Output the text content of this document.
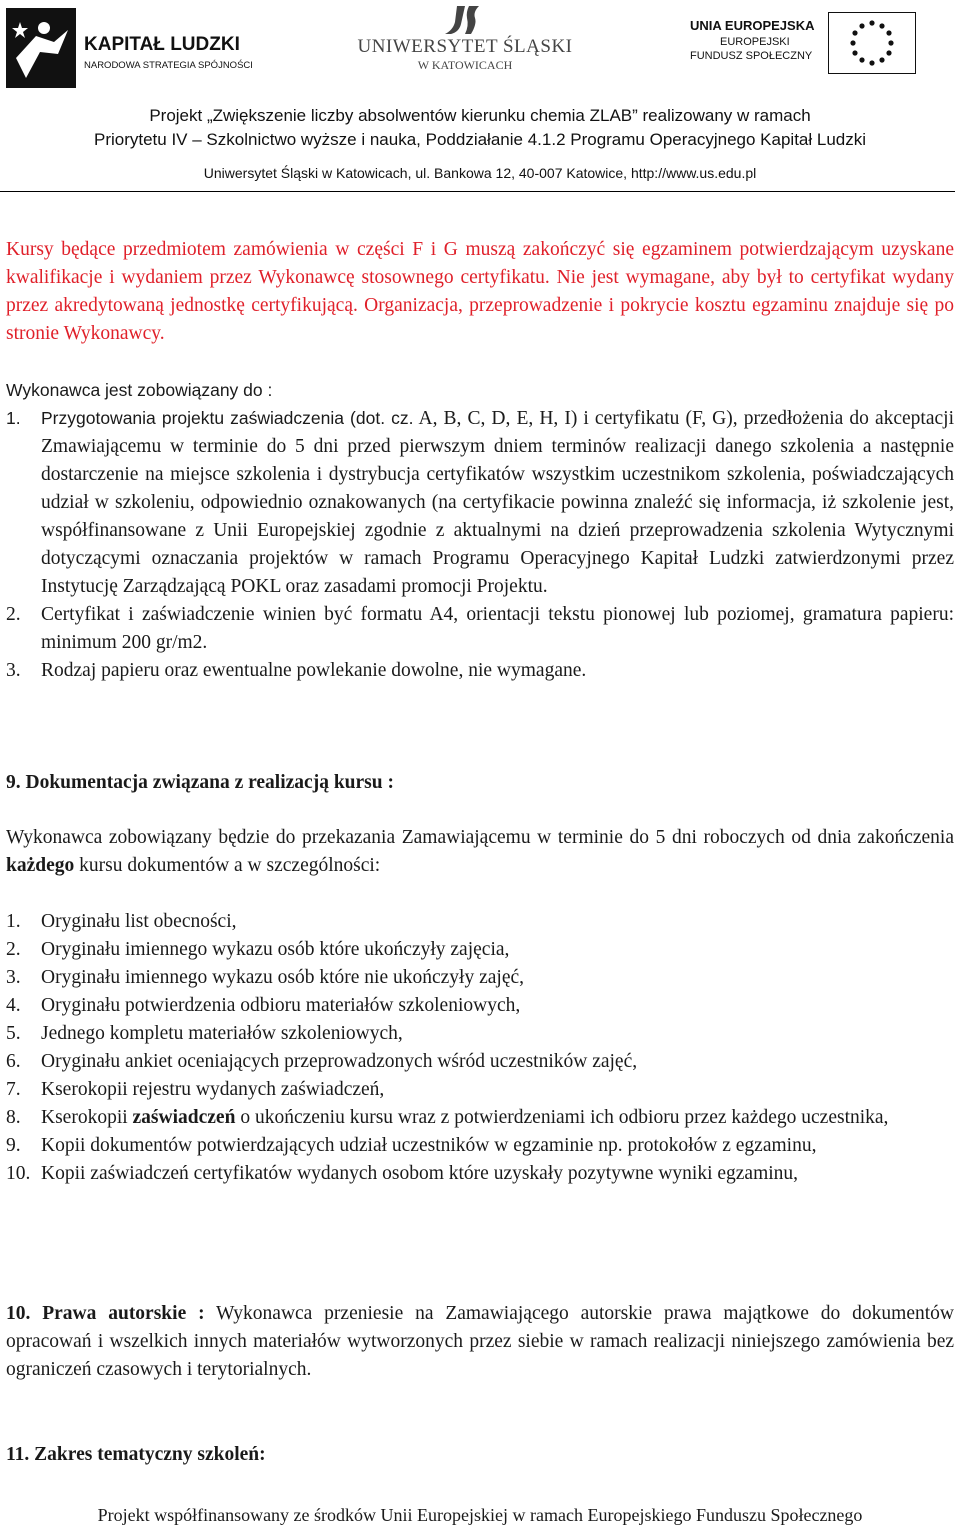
KAPITAŁ LUDZKI
NARODOWA STRATEGIA SPÓJNOŚCI
UNIWERSYTET ŚLĄSKI
W KATOWICACH
UNIA EUROPEJSKA
EUROPEJSKI
FUNDUSZ SPOŁECZNY
Projekt „Zwiększenie liczby absolwentów kierunku chemia ZLAB” realizowany w ramach
Priorytetu IV – Szkolnictwo wyższe i nauka, Poddziałanie 4.1.2 Programu Operacyjnego Kapitał Ludzki
Uniwersytet Śląski w Katowicach, ul. Bankowa 12, 40-007 Katowice, http://www.us.edu.pl
Kursy będące przedmiotem zamówienia w części F i G muszą zakończyć się egzaminem potwierdzającym uzyskane kwalifikacje i wydaniem przez Wykonawcę stosownego certyfikatu. Nie jest wymagane, aby był to certyfikat wydany przez akredytowaną jednostkę certyfikującą. Organizacja, przeprowadzenie i pokrycie kosztu egzaminu znajduje się po stronie Wykonawcy.
Wykonawca jest zobowiązany do :
1. Przygotowania projektu zaświadczenia (dot. cz. A, B, C, D, E, H, I) i certyfikatu (F, G), przedłożenia do akceptacji Zmawiającemu w terminie do 5 dni przed pierwszym dniem terminów realizacji danego szkolenia a następnie dostarczenie na miejsce szkolenia i dystrybucja certyfikatów wszystkim uczestnikom szkolenia, poświadczających udział w szkoleniu, odpowiednio oznakowanych (na certyfikacie powinna znaleźć się informacja, iż szkolenie jest, współfinansowane z Unii Europejskiej zgodnie z aktualnymi na dzień przeprowadzenia szkolenia Wytycznymi dotyczącymi oznaczania projektów w ramach Programu Operacyjnego Kapitał Ludzki zatwierdzonymi przez Instytucję Zarządzającą POKL oraz zasadami promocji Projektu.
2. Certyfikat i zaświadczenie winien być formatu A4, orientacji tekstu pionowej lub poziomej, gramatura papieru: minimum 200 gr/m2.
3. Rodzaj papieru oraz ewentualne powlekanie dowolne, nie wymagane.
9. Dokumentacja związana z realizacją kursu :
Wykonawca zobowiązany będzie do przekazania Zamawiającemu w terminie do 5 dni roboczych od dnia zakończenia każdego kursu dokumentów a w szczególności:
1. Oryginału list obecności,
2. Oryginału imiennego wykazu osób które ukończyły zajęcia,
3. Oryginału imiennego wykazu osób które nie ukończyły zajęć,
4. Oryginału potwierdzenia odbioru materiałów szkoleniowych,
5. Jednego kompletu materiałów szkoleniowych,
6. Oryginału ankiet oceniających przeprowadzonych wśród uczestników zajęć,
7. Kserokopii rejestru wydanych zaświadczeń,
8. Kserokopii zaświadczeń o ukończeniu kursu wraz z potwierdzeniami ich odbioru przez każdego uczestnika,
9. Kopii dokumentów potwierdzających udział uczestników w egzaminie np. protokołów z egzaminu,
10. Kopii zaświadczeń certyfikatów wydanych osobom które uzyskały pozytywne wyniki egzaminu,
10. Prawa autorskie : Wykonawca przeniesie na Zamawiającego autorskie prawa majątkowe do dokumentów opracowań i wszelkich innych materiałów wytworzonych przez siebie w ramach realizacji niniejszego zamówienia bez ograniczeń czasowych i terytorialnych.
11. Zakres tematyczny szkoleń:
Projekt współfinansowany ze środków Unii Europejskiej w ramach Europejskiego Funduszu Społecznego
